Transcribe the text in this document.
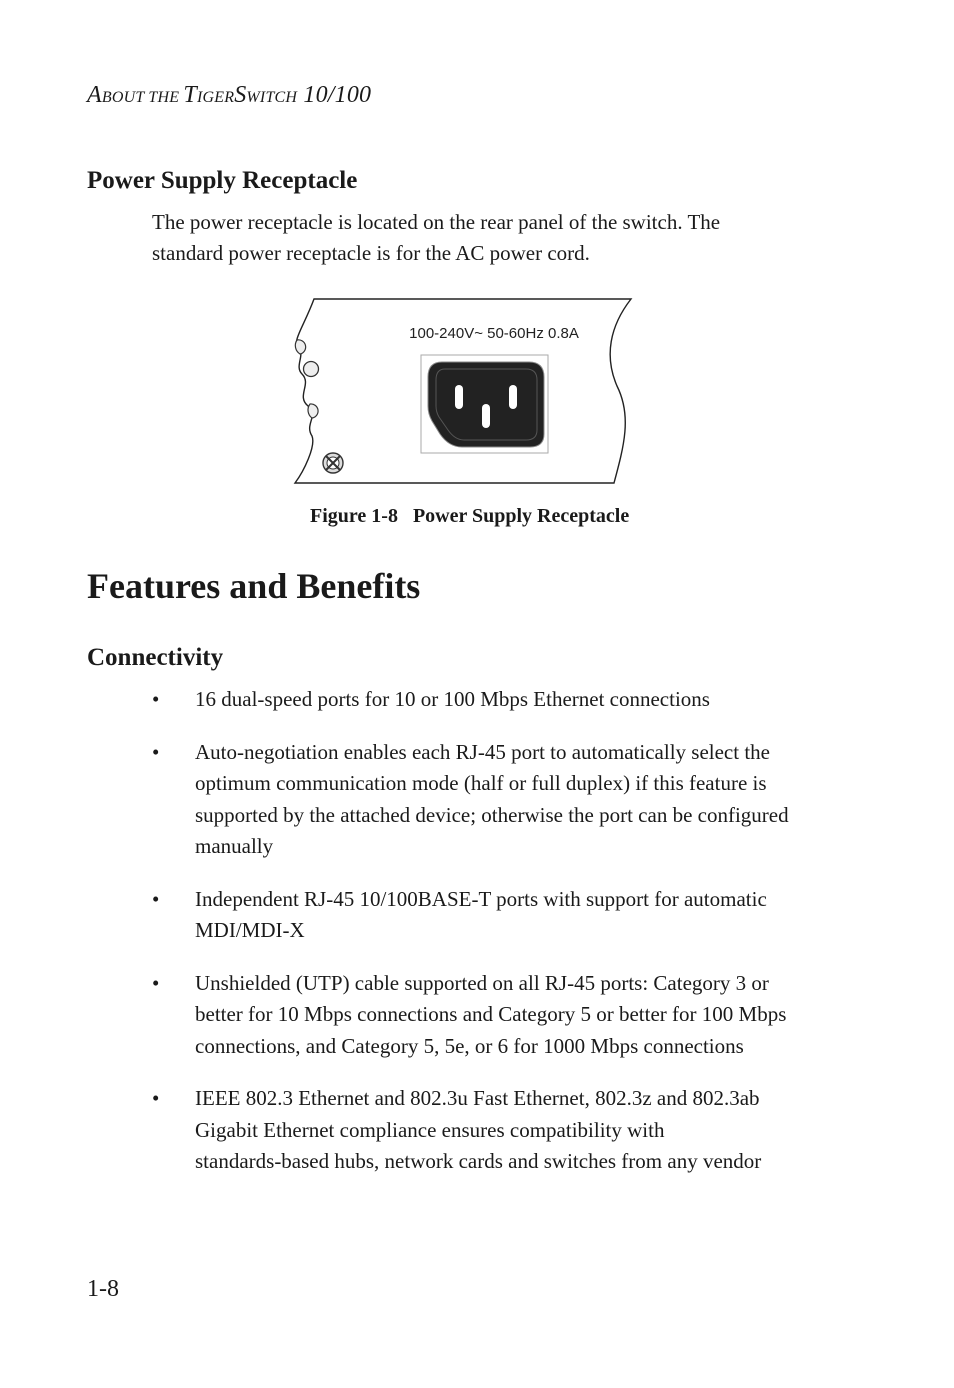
ABOUT THE TIGERSWITCH 10/100
Power Supply Receptacle
The power receptacle is located on the rear panel of the switch. The
standard power receptacle is for the AC power cord.
100-240V~ 50-60Hz 0.8A
Figure 1-8   Power Supply Receptacle
Features and Benefits
Connectivity
• 16 dual-speed ports for 10 or 100 Mbps Ethernet connections
• Auto-negotiation enables each RJ-45 port to automatically select the
optimum communication mode (half or full duplex) if this feature is
supported by the attached device; otherwise the port can be configured
manually
• Independent RJ-45 10/100BASE-T ports with support for automatic
MDI/MDI-X
• Unshielded (UTP) cable supported on all RJ-45 ports: Category 3 or
better for 10 Mbps connections and Category 5 or better for 100 Mbps
connections, and Category 5, 5e, or 6 for 1000 Mbps connections
• IEEE 802.3 Ethernet and 802.3u Fast Ethernet, 802.3z and 802.3ab
Gigabit Ethernet compliance ensures compatibility with
standards-based hubs, network cards and switches from any vendor
1-8
